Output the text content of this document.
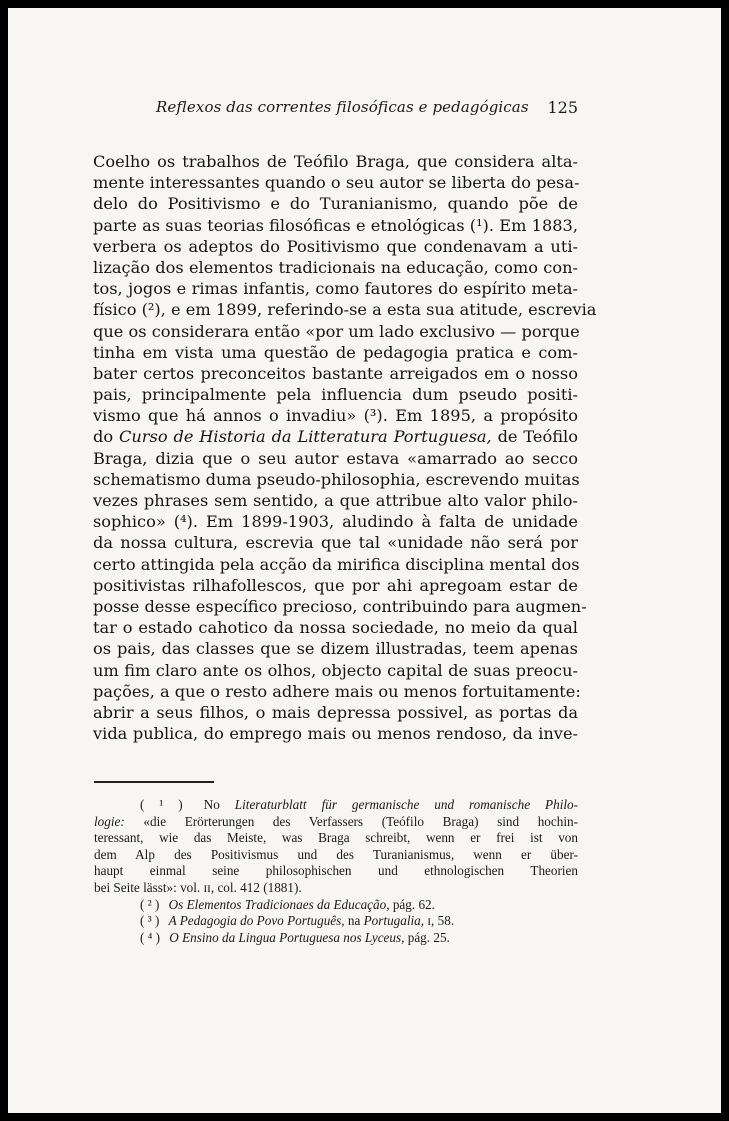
Reflexos das correntes filosóficas e pedagógicas 125
Coelho os trabalhos de Teófilo Braga, que considera alta-
mente interessantes quando o seu autor se liberta do pesa-
delo do Positivismo e do Turanianismo, quando põe de
parte as suas teorias filosóficas e etnológicas (¹). Em 1883,
verbera os adeptos do Positivismo que condenavam a uti-
lização dos elementos tradicionais na educação, como con-
tos, jogos e rimas infantis, como fautores do espírito meta-
físico (²), e em 1899, referindo-se a esta sua atitude, escrevia
que os considerara então «por um lado exclusivo — porque
tinha em vista uma questão de pedagogia pratica e com-
bater certos preconceitos bastante arreigados em o nosso
pais, principalmente pela influencia dum pseudo positi-
vismo que há annos o invadiu» (³). Em 1895, a propósito
do Curso de Historia da Litteratura Portuguesa, de Teófilo
Braga, dizia que o seu autor estava «amarrado ao secco
schematismo duma pseudo-philosophia, escrevendo muitas
vezes phrases sem sentido, a que attribue alto valor philo-
sophico» (⁴). Em 1899-1903, aludindo à falta de unidade
da nossa cultura, escrevia que tal «unidade não será por
certo attingida pela acção da mirifica disciplina mental dos
positivistas rilhafollescos, que por ahi apregoam estar de
posse desse específico precioso, contribuindo para augmen-
tar o estado cahotico da nossa sociedade, no meio da qual
os pais, das classes que se dizem illustradas, teem apenas
um fim claro ante os olhos, objecto capital de suas preocu-
pações, a que o resto adhere mais ou menos fortuitamente:
abrir a seus filhos, o mais depressa possivel, as portas da
vida publica, do emprego mais ou menos rendoso, da inve-
( ¹ ) No Literaturblatt für germanische und romanische Philo-
logie: «die Erörterungen des Verfassers (Teófilo Braga) sind hochin-
teressant, wie das Meiste, was Braga schreibt, wenn er frei ist von
dem Alp des Positivismus und des Turanianismus, wenn er über-
haupt einmal seine philosophischen und ethnologischen Theorien
bei Seite lässt»: vol. ɪɪ, col. 412 (1881).
( ² ) Os Elementos Tradicionaes da Educação, pág. 62.
( ³ ) A Pedagogia do Povo Português, na Portugalia, ɪ, 58.
( ⁴ ) O Ensino da Lingua Portuguesa nos Lyceus, pág. 25.
